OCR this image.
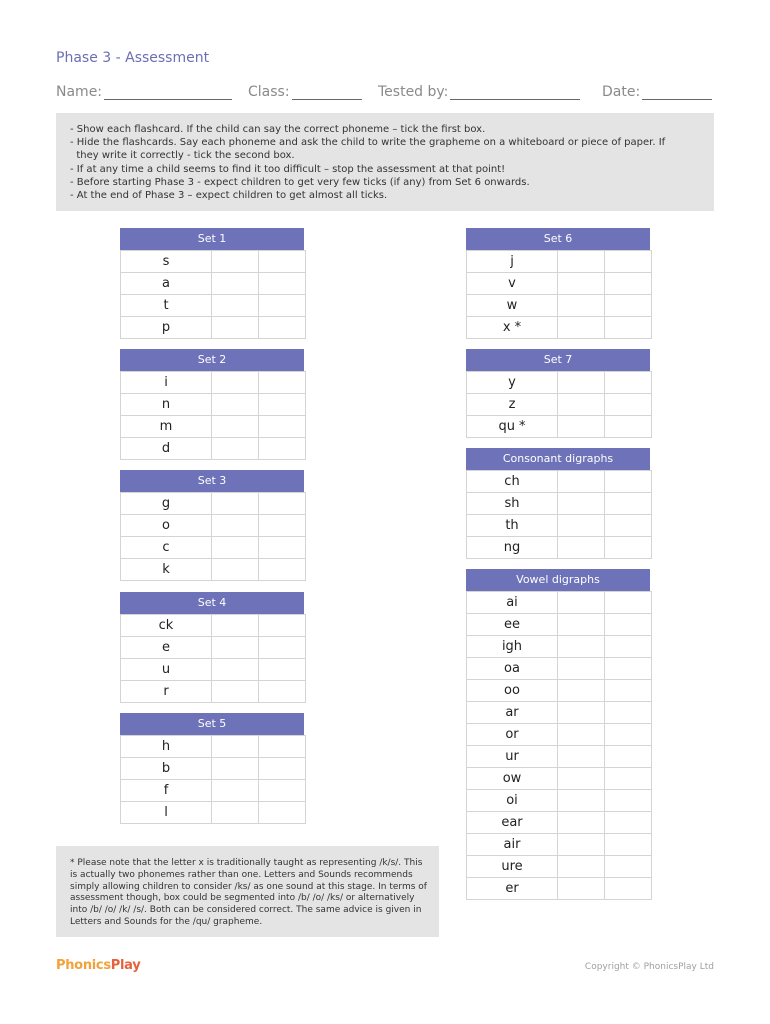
Phase 3 - Assessment
Name:	Class:	Tested by:	Date:
- Show each flashcard. If the child can say the correct phoneme – tick the first box.
- Hide the flashcards. Say each phoneme and ask the child to write the grapheme on a whiteboard or piece of paper. If
they write it correctly - tick the second box.
- If at any time a child seems to find it too difficult – stop the assessment at that point!
- Before starting Phase 3 - expect children to get very few ticks (if any) from Set 6 onwards.
- At the end of Phase 3 – expect children to get almost all ticks.
Set 1
s		
a		
t		
p		
Set 2
i		
n		
m		
d		
Set 3
g		
o		
c		
k		
Set 4
ck		
e		
u		
r		
Set 5
h		
b		
f		
l		
Set 6
j		
v		
w		
x *		
Set 7
y		
z		
qu *		
Consonant digraphs
ch		
sh		
th		
ng		
Vowel digraphs
ai		
ee		
igh		
oa		
oo		
ar		
or		
ur		
ow		
oi		
ear		
air		
ure		
er		
* Please note that the letter x is traditionally taught as representing /k/s/. This is actually two phonemes rather than one. Letters and Sounds recommends simply allowing children to consider /ks/ as one sound at this stage. In terms of assessment though, box could be segmented into /b/ /o/ /ks/ or alternatively into /b/ /o/ /k/ /s/. Both can be considered correct. The same advice is given in Letters and Sounds for the /qu/ grapheme.
PhonicsPlay	Copyright © PhonicsPlay Ltd
